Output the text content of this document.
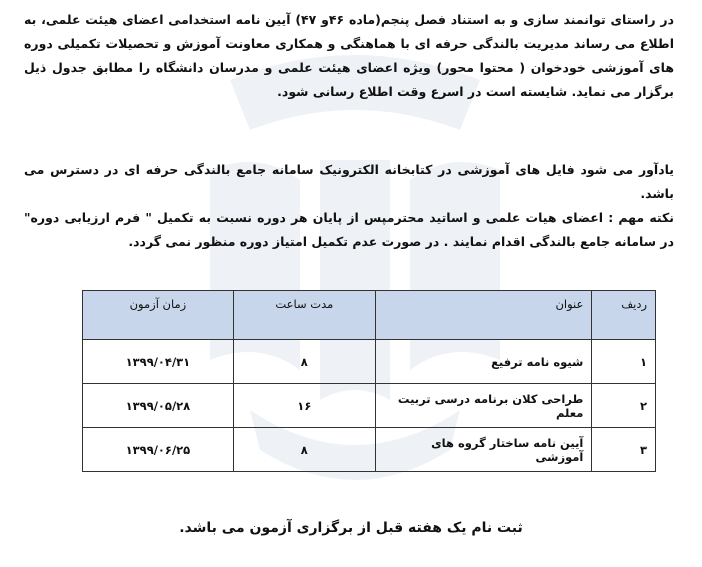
در راستای توانمند سازی و به استناد فصل پنجم(ماده ۴۶و ۴۷) آیین نامه استخدامی اعضای هیئت علمی، به اطلاع می رساند مدیریت بالندگی حرفه ای با هماهنگی و همکاری معاونت آموزش و تحصیلات تکمیلی دوره های آموزشی خودخوان ( محتوا محور) ویژه اعضای هیئت علمی و مدرسان دانشگاه را مطابق جدول ذیل برگزار می نماید. شایسته است در اسرع وقت اطلاع رسانی شود.

یادآور می شود فایل های آموزشی در کتابخانه الکترونیک سامانه جامع بالندگی حرفه ای در دسترس می باشد.

نکته مهم : اعضای هیات علمی و اساتید محترمپس از پایان هر دوره نسبت به تکمیل " فرم ارزیابی دوره" در سامانه جامع بالندگی اقدام نمایند . در صورت عدم تکمیل امتیاز دوره منظور نمی گردد.

ردیف	عنوان	مدت ساعت	زمان آزمون
۱	شیوه نامه ترفیع	۸	۱۳۹۹/۰۴/۳۱
۲	طراحی کلان برنامه درسی تربیت معلم	۱۶	۱۳۹۹/۰۵/۲۸
۳	آیین نامه ساختار گروه های آموزشی	۸	۱۳۹۹/۰۶/۲۵

ثبت نام یک هفته قبل از برگزاری آزمون می باشد.
